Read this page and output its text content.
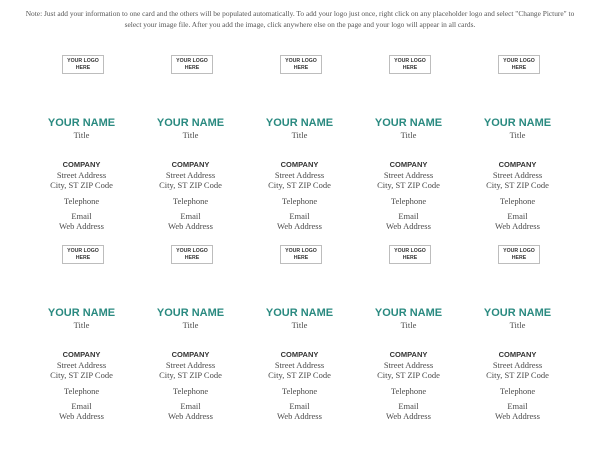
Note: Just add your information to one card and the others will be populated automatically. To add your logo just once, right click on any placeholder logo and select "Change Picture" to select your image file. After you add the image, click anywhere else on the page and your logo will appear in all cards.
YOUR LOGO
HERE
YOUR NAME
Title
COMPANY
Street Address
City, ST ZIP Code
Telephone
Email
Web Address
YOUR LOGO
HERE
YOUR NAME
Title
COMPANY
Street Address
City, ST ZIP Code
Telephone
Email
Web Address
YOUR LOGO
HERE
YOUR NAME
Title
COMPANY
Street Address
City, ST ZIP Code
Telephone
Email
Web Address
YOUR LOGO
HERE
YOUR NAME
Title
COMPANY
Street Address
City, ST ZIP Code
Telephone
Email
Web Address
YOUR LOGO
HERE
YOUR NAME
Title
COMPANY
Street Address
City, ST ZIP Code
Telephone
Email
Web Address
YOUR LOGO
HERE
YOUR NAME
Title
COMPANY
Street Address
City, ST ZIP Code
Telephone
Email
Web Address
YOUR LOGO
HERE
YOUR NAME
Title
COMPANY
Street Address
City, ST ZIP Code
Telephone
Email
Web Address
YOUR LOGO
HERE
YOUR NAME
Title
COMPANY
Street Address
City, ST ZIP Code
Telephone
Email
Web Address
YOUR LOGO
HERE
YOUR NAME
Title
COMPANY
Street Address
City, ST ZIP Code
Telephone
Email
Web Address
YOUR LOGO
HERE
YOUR NAME
Title
COMPANY
Street Address
City, ST ZIP Code
Telephone
Email
Web Address
